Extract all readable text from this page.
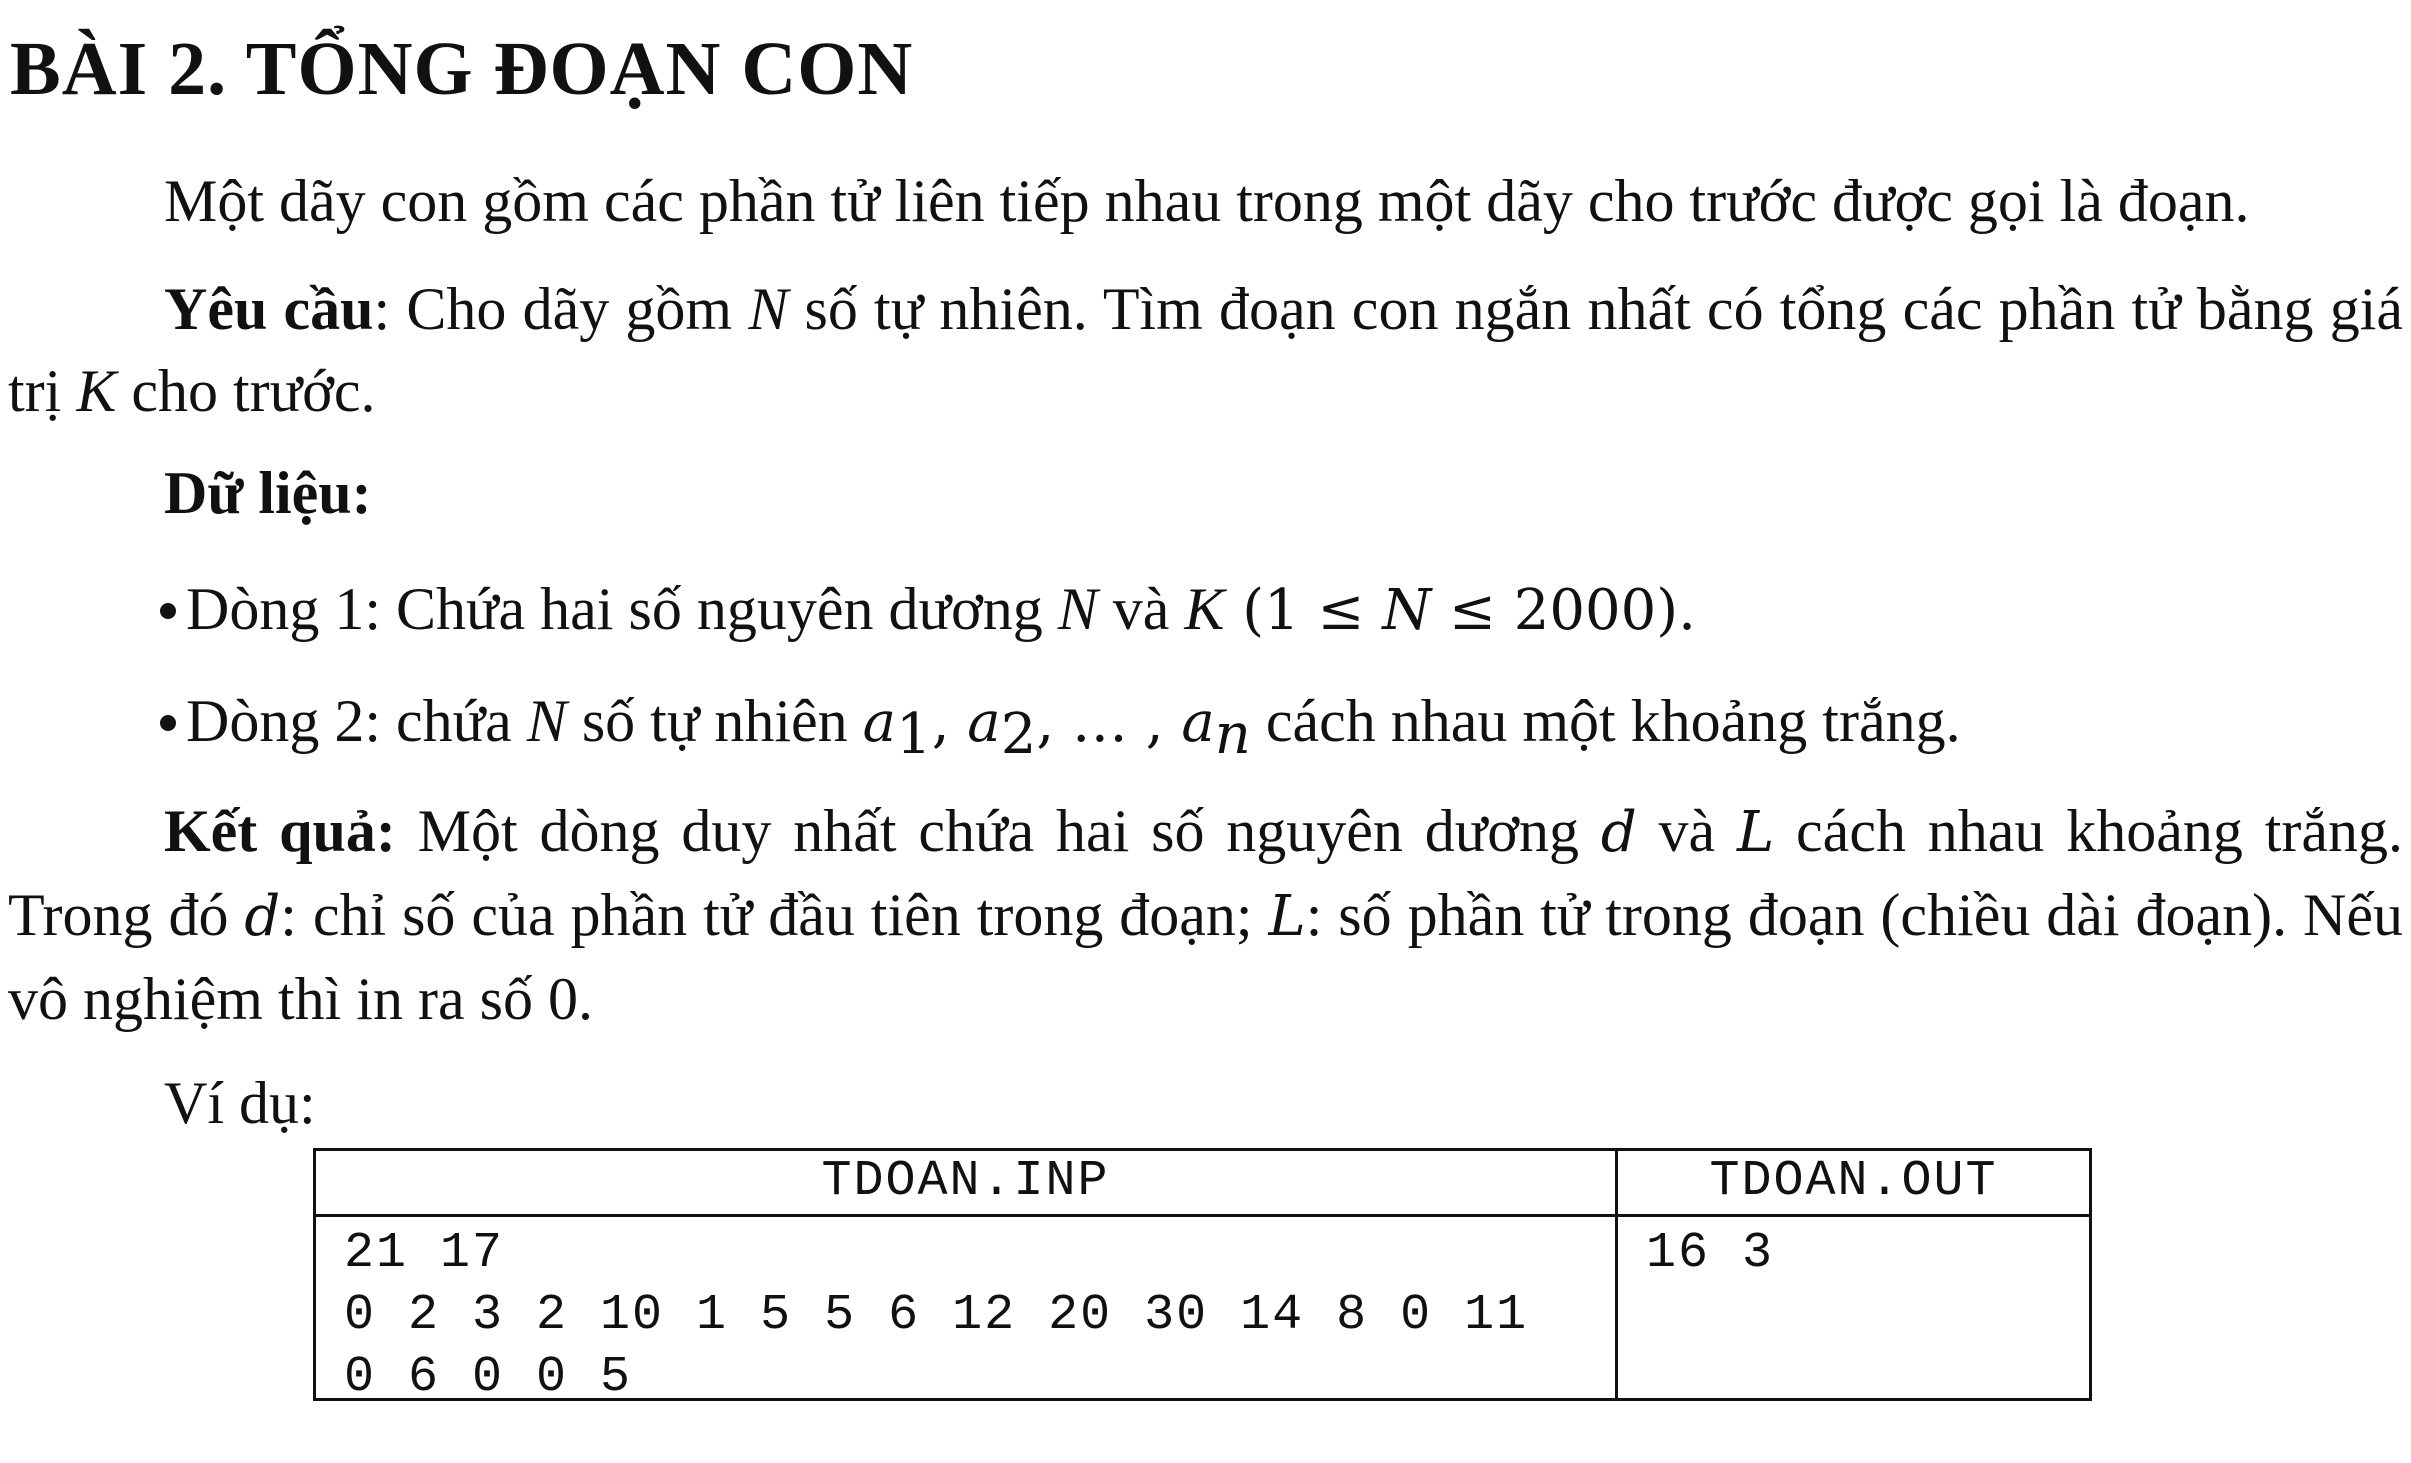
BÀI 2. TỔNG ĐOẠN CON
Một dãy con gồm các phần tử liên tiếp nhau trong một dãy cho trước được gọi là đoạn.
Yêu cầu: Cho dãy gồm N số tự nhiên. Tìm đoạn con ngắn nhất có tổng các phần tử bằng giá trị K cho trước.
Dữ liệu:
Dòng 1: Chứa hai số nguyên dương N và K (1 ≤ N ≤ 2000).
Dòng 2: chứa N số tự nhiên $a_1$, $a_2$, … , $a_n$ cách nhau một khoảng trắng.
Kết quả: Một dòng duy nhất chứa hai số nguyên dương d và L cách nhau khoảng trắng. Trong đó d: chỉ số của phần tử đầu tiên trong đoạn; L: số phần tử trong đoạn (chiều dài đoạn). Nếu vô nghiệm thì in ra số 0.
Ví dụ:
TDOAN.INP
21 17
0 2 3 2 10 1 5 5 6 12 20 30 14 8 0 11
0 6 0 0 5
TDOAN.OUT
16 3
